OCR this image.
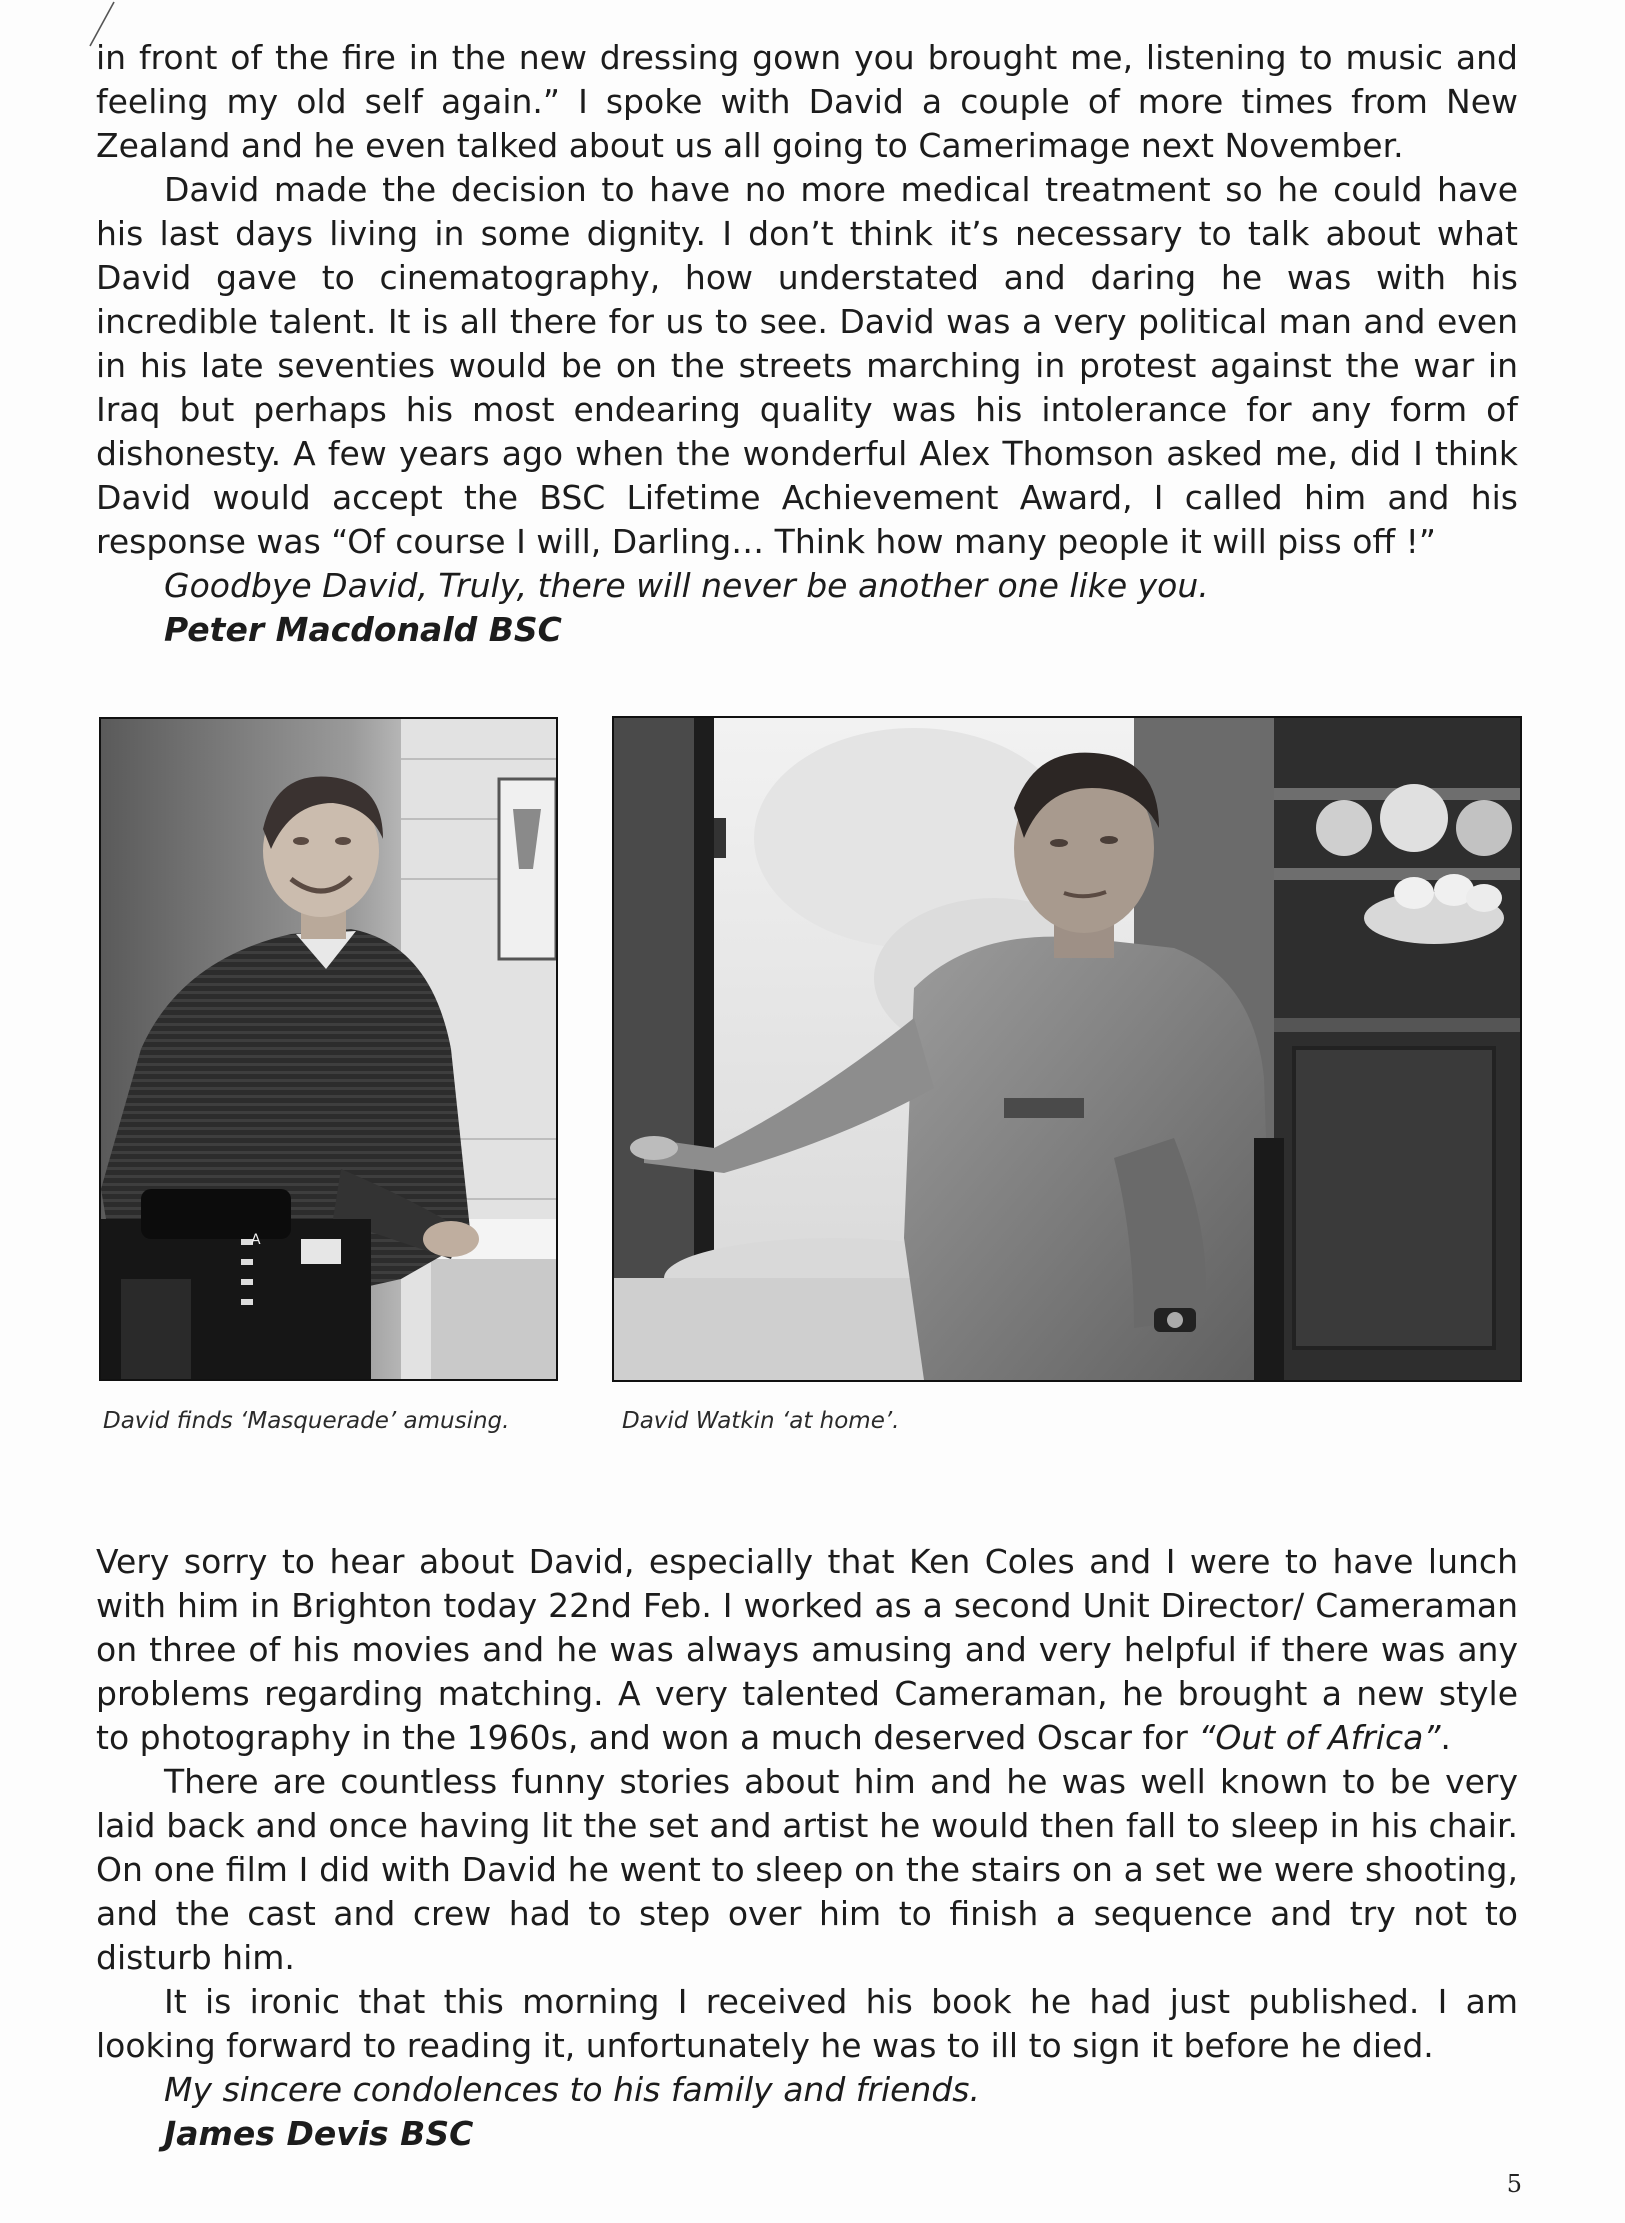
in front of the fire in the new dressing gown you brought me, listening to music and feeling my old self again.” I spoke with David a couple of more times from New Zealand and he even talked about us all going to Camerimage next November.

David made the decision to have no more medical treatment so he could have his last days living in some dignity. I don’t think it’s necessary to talk about what David gave to cinematography, how understated and daring he was with his incredible talent. It is all there for us to see. David was a very political man and even in his late seventies would be on the streets marching in protest against the war in Iraq but perhaps his most endearing quality was his intolerance for any form of dishonesty. A few years ago when the wonderful Alex Thomson asked me, did I think David would accept the BSC Lifetime Achievement Award, I called him and his response was “Of course I will, Darling… Think how many people it will piss off !”

Goodbye David, Truly, there will never be another one like you.

Peter Macdonald BSC

A
David finds ‘Masquerade’ amusing.	David Watkin ‘at home’.

Very sorry to hear about David, especially that Ken Coles and I were to have lunch with him in Brighton today 22nd Feb. I worked as a second Unit Director/ Cameraman on three of his movies and he was always amusing and very helpful if there was any problems regarding matching. A very talented Cameraman, he brought a new style to photography in the 1960s, and won a much deserved Oscar for “Out of Africa”.

There are countless funny stories about him and he was well known to be very laid back and once having lit the set and artist he would then fall to sleep in his chair. On one film I did with David he went to sleep on the stairs on a set we were shooting, and the cast and crew had to step over him to finish a sequence and try not to disturb him.

It is ironic that this morning I received his book he had just published. I am looking forward to reading it, unfortunately he was to ill to sign it before he died.

My sincere condolences to his family and friends.

James Devis BSC

5
